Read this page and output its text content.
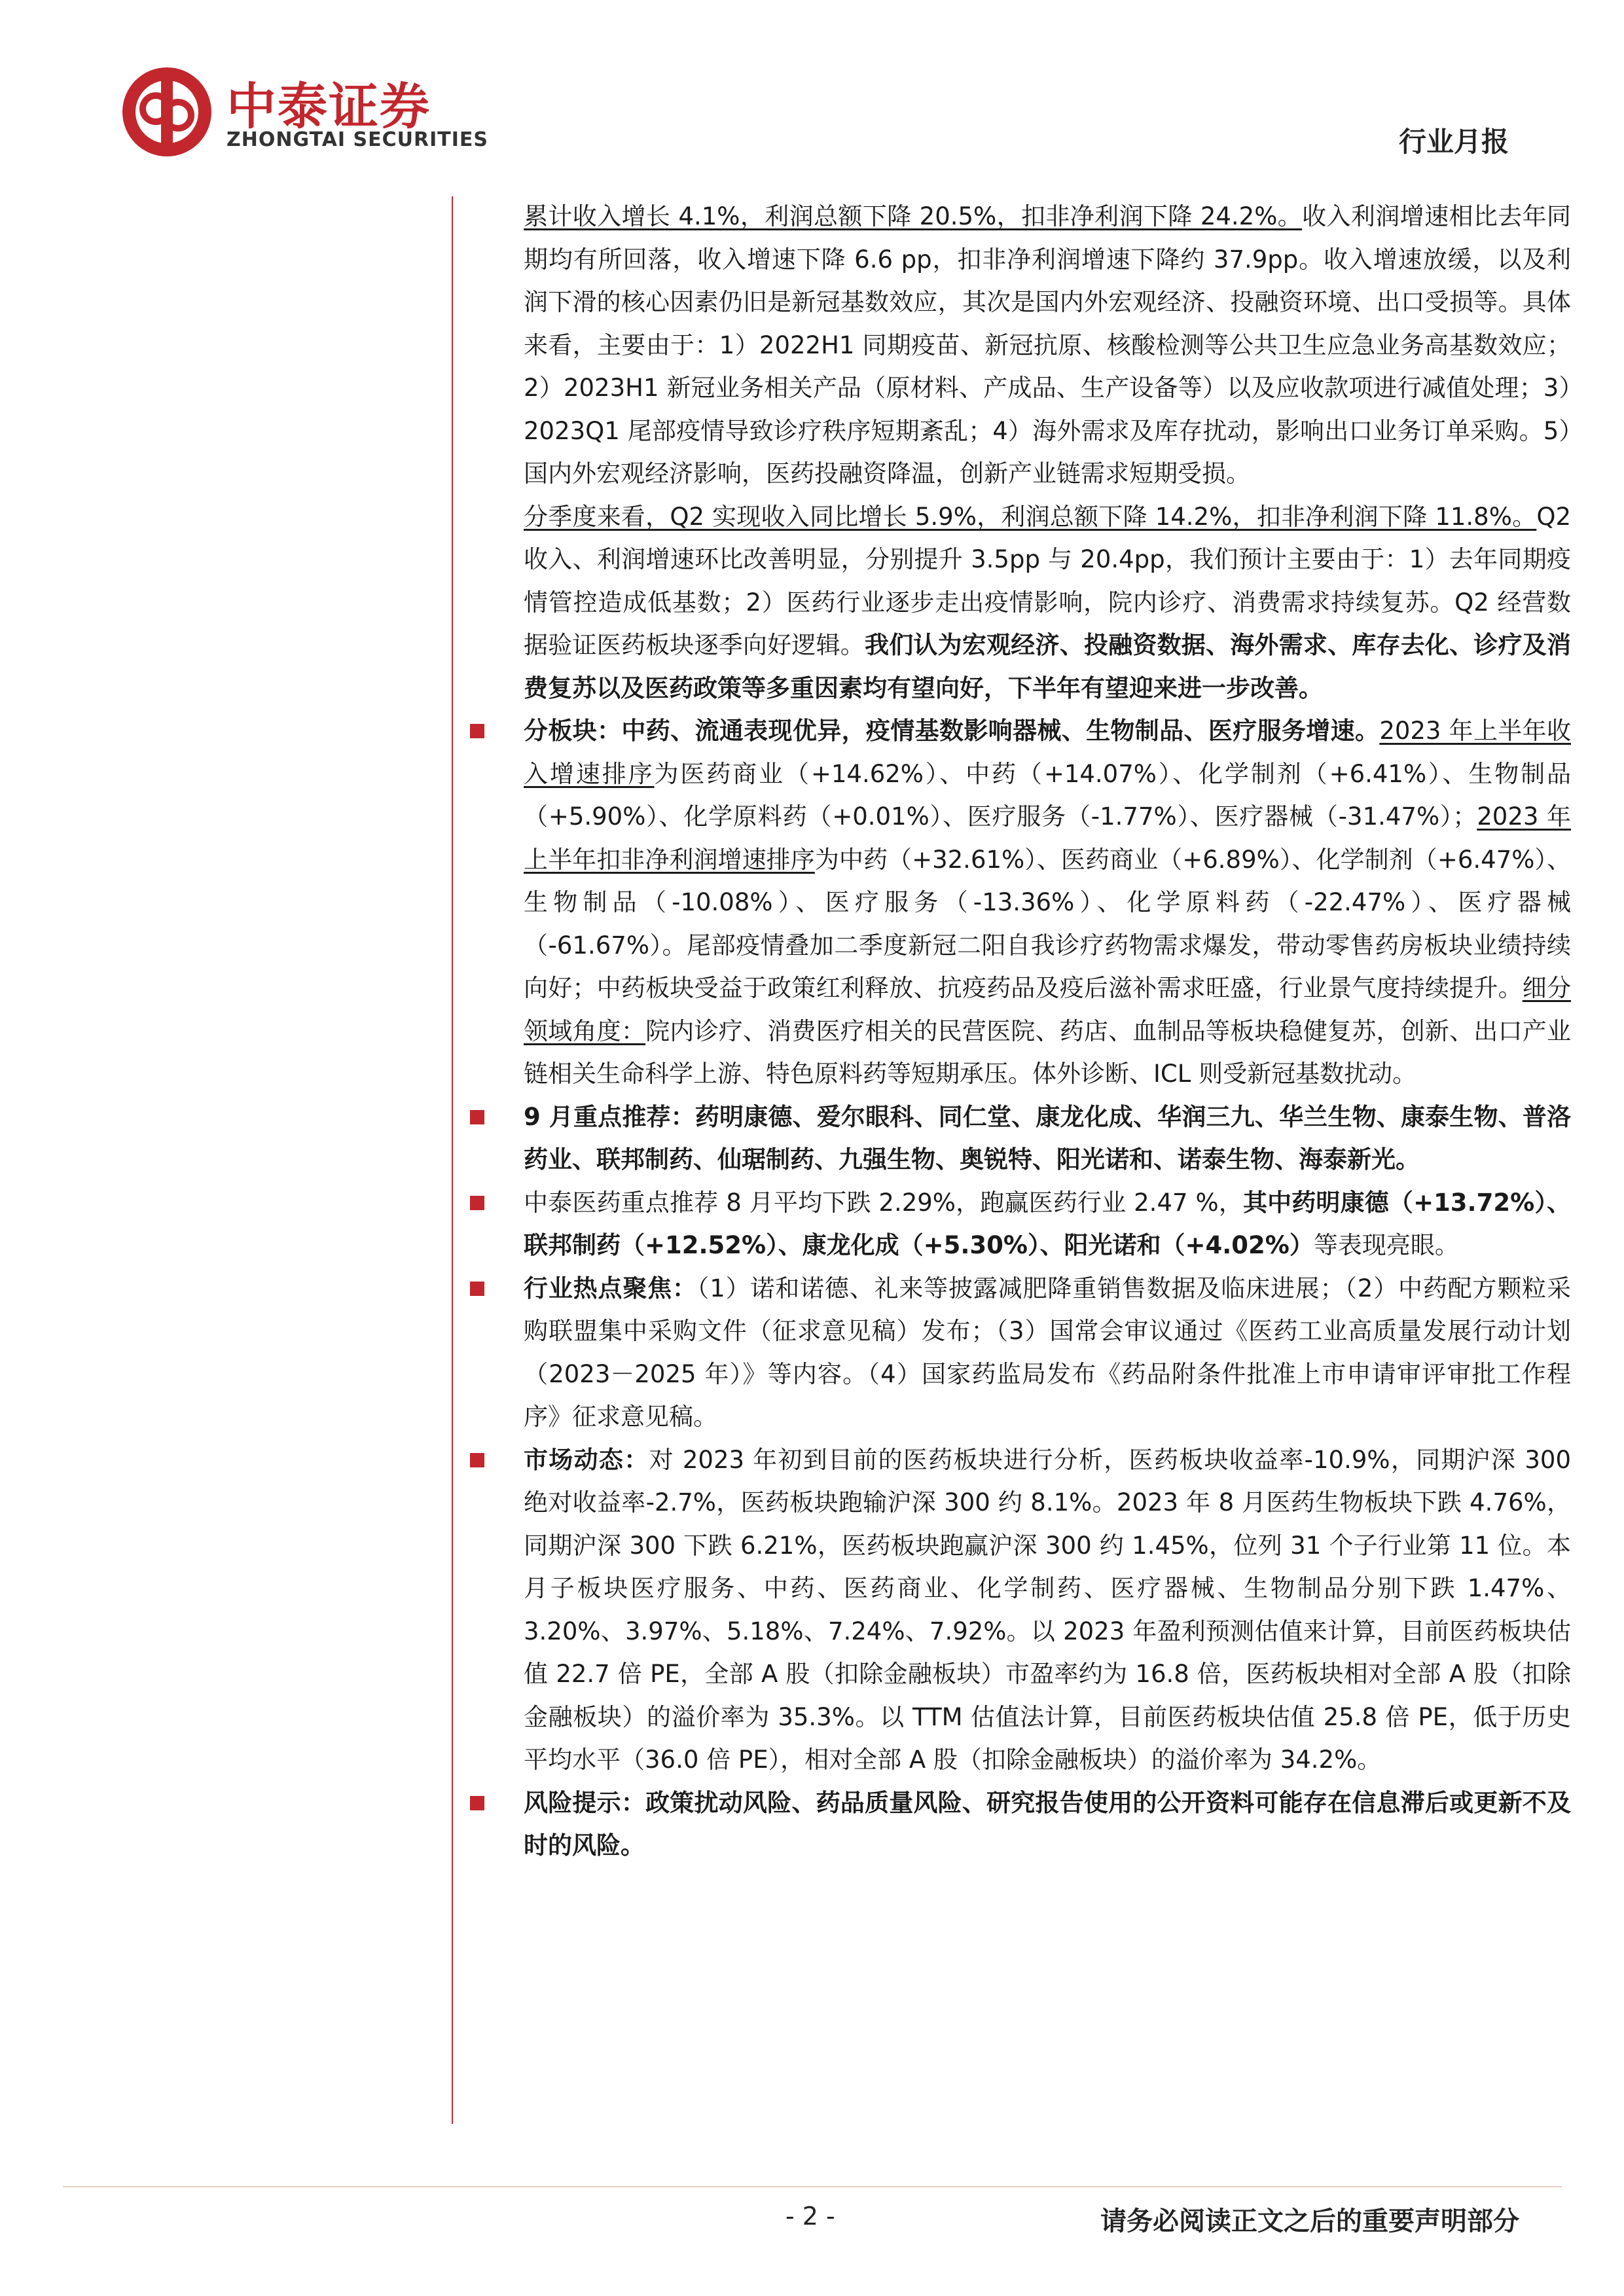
中泰证券
ZHONGTAI SECURITIES	行业月报

累计收入增长 4.1%，利润总额下降 20.5%，扣非净利润下降 24.2%。收入利润增速相比去年同期均有所回落，收入增速下降 6.6 pp，扣非净利润增速下降约 37.9pp。收入增速放缓，以及利润下滑的核心因素仍旧是新冠基数效应，其次是国内外宏观经济、投融资环境、出口受损等。具体来看，主要由于：1）2022H1 同期疫苗、新冠抗原、核酸检测等公共卫生应急业务高基数效应；2）2023H1 新冠业务相关产品（原材料、产成品、生产设备等）以及应收款项进行减值处理；3）2023Q1 尾部疫情导致诊疗秩序短期紊乱；4）海外需求及库存扰动，影响出口业务订单采购。5）国内外宏观经济影响，医药投融资降温，创新产业链需求短期受损。

分季度来看，Q2 实现收入同比增长 5.9%，利润总额下降 14.2%，扣非净利润下降 11.8%。Q2 收入、利润增速环比改善明显，分别提升 3.5pp 与 20.4pp，我们预计主要由于：1）去年同期疫情管控造成低基数；2）医药行业逐步走出疫情影响，院内诊疗、消费需求持续复苏。Q2 经营数据验证医药板块逐季向好逻辑。我们认为宏观经济、投融资数据、海外需求、库存去化、诊疗及消费复苏以及医药政策等多重因素均有望向好，下半年有望迎来进一步改善。

分板块：中药、流通表现优异，疫情基数影响器械、生物制品、医疗服务增速。2023 年上半年收入增速排序为医药商业（+14.62%）、中药（+14.07%）、化学制剂（+6.41%）、生物制品（+5.90%）、化学原料药（+0.01%）、医疗服务（-1.77%）、医疗器械（-31.47%）；2023 年上半年扣非净利润增速排序为中药（+32.61%）、医药商业（+6.89%）、化学制剂（+6.47%）、生物制品（-10.08%）、医疗服务（-13.36%）、化学原料药（-22.47%）、医疗器械（-61.67%）。尾部疫情叠加二季度新冠二阳自我诊疗药物需求爆发，带动零售药房板块业绩持续向好；中药板块受益于政策红利释放、抗疫药品及疫后滋补需求旺盛，行业景气度持续提升。细分领域角度：院内诊疗、消费医疗相关的民营医院、药店、血制品等板块稳健复苏，创新、出口产业链相关生命科学上游、特色原料药等短期承压。体外诊断、ICL 则受新冠基数扰动。
9 月重点推荐：药明康德、爱尔眼科、同仁堂、康龙化成、华润三九、华兰生物、康泰生物、普洛药业、联邦制药、仙琚制药、九强生物、奥锐特、阳光诺和、诺泰生物、海泰新光。
中泰医药重点推荐 8 月平均下跌 2.29%，跑赢医药行业 2.47 %，其中药明康德（+13.72%）、联邦制药（+12.52%）、康龙化成（+5.30%）、阳光诺和（+4.02%）等表现亮眼。
行业热点聚焦：（1）诺和诺德、礼来等披露减肥降重销售数据及临床进展；（2）中药配方颗粒采购联盟集中采购文件（征求意见稿）发布；（3）国常会审议通过《医药工业高质量发展行动计划（2023－2025 年）》等内容。（4）国家药监局发布《药品附条件批准上市申请审评审批工作程序》征求意见稿。
市场动态：对 2023 年初到目前的医药板块进行分析，医药板块收益率-10.9%，同期沪深 300 绝对收益率-2.7%，医药板块跑输沪深 300 约 8.1%。2023 年 8 月医药生物板块下跌 4.76%，同期沪深 300 下跌 6.21%，医药板块跑赢沪深 300 约 1.45%，位列 31 个子行业第 11 位。本月子板块医疗服务、中药、医药商业、化学制药、医疗器械、生物制品分别下跌 1.47%、3.20%、3.97%、5.18%、7.24%、7.92%。以 2023 年盈利预测估值来计算，目前医药板块估值 22.7 倍 PE，全部 A 股（扣除金融板块）市盈率约为 16.8 倍，医药板块相对全部 A 股（扣除金融板块）的溢价率为 35.3%。以 TTM 估值法计算，目前医药板块估值 25.8 倍 PE，低于历史平均水平（36.0 倍 PE），相对全部 A 股（扣除金融板块）的溢价率为 34.2%。
风险提示：政策扰动风险、药品质量风险、研究报告使用的公开资料可能存在信息滞后或更新不及时的风险。
- 2 -	请务必阅读正文之后的重要声明部分
